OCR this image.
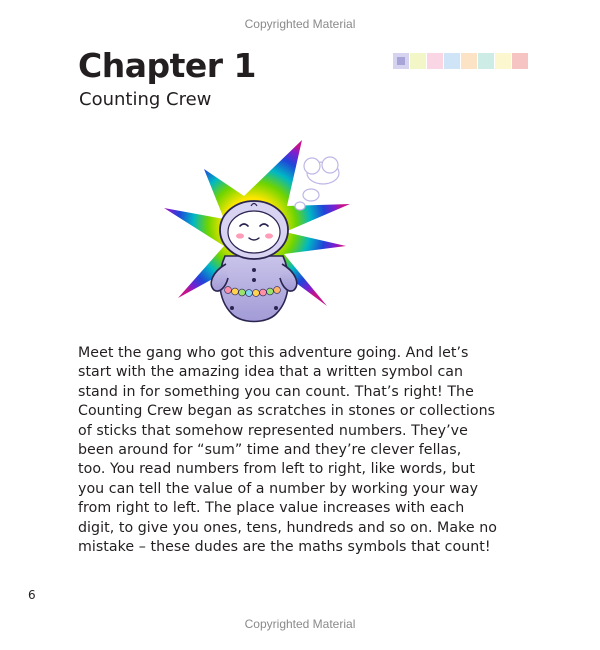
Copyrighted Material
Chapter 1
Counting Crew

Meet the gang who got this adventure going. And let’s
start with the amazing idea that a written symbol can
stand in for something you can count. That’s right! The
Counting Crew began as scratches in stones or collections
of sticks that somehow represented numbers. They’ve
been around for “sum” time and they’re clever fellas,
too. You read numbers from left to right, like words, but
you can tell the value of a number by working your way
from right to left. The place value increases with each
digit, to give you ones, tens, hundreds and so on. Make no
mistake – these dudes are the maths symbols that count!

6
Copyrighted Material
